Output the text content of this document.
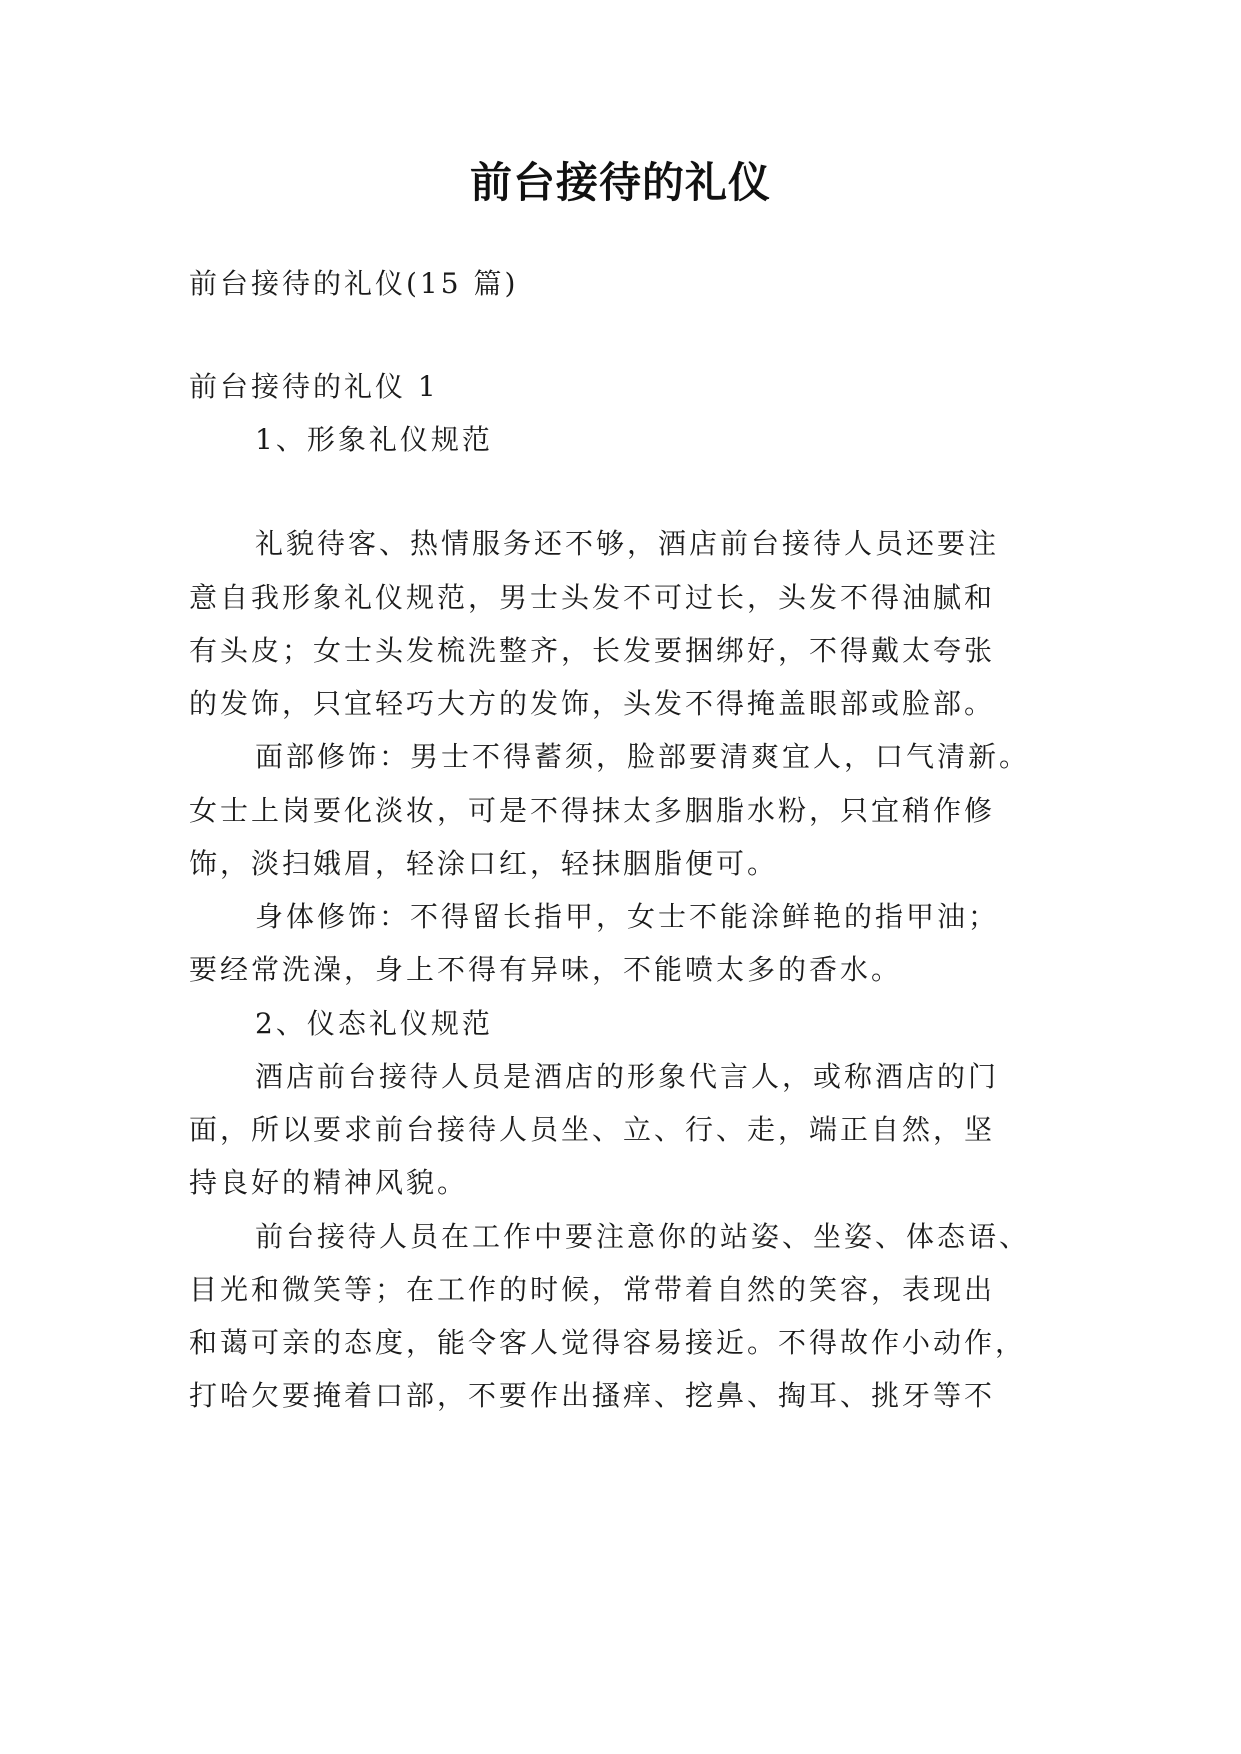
前台接待的礼仪
前台接待的礼仪(15 篇)
前台接待的礼仪 1
1、形象礼仪规范
礼貌待客、热情服务还不够，酒店前台接待人员还要注
意自我形象礼仪规范，男士头发不可过长，头发不得油腻和
有头皮；女士头发梳洗整齐，长发要捆绑好，不得戴太夸张
的发饰，只宜轻巧大方的发饰，头发不得掩盖眼部或脸部。
面部修饰：男士不得蓄须，脸部要清爽宜人，口气清新。
女士上岗要化淡妆，可是不得抹太多胭脂水粉，只宜稍作修
饰，淡扫娥眉，轻涂口红，轻抹胭脂便可。
身体修饰：不得留长指甲，女士不能涂鲜艳的指甲油；
要经常洗澡，身上不得有异味，不能喷太多的香水。
2、仪态礼仪规范
酒店前台接待人员是酒店的形象代言人，或称酒店的门
面，所以要求前台接待人员坐、立、行、走，端正自然，坚
持良好的精神风貌。
前台接待人员在工作中要注意你的站姿、坐姿、体态语、
目光和微笑等；在工作的时候，常带着自然的笑容，表现出
和蔼可亲的态度，能令客人觉得容易接近。不得故作小动作，
打哈欠要掩着口部，不要作出搔痒、挖鼻、掏耳、挑牙等不
